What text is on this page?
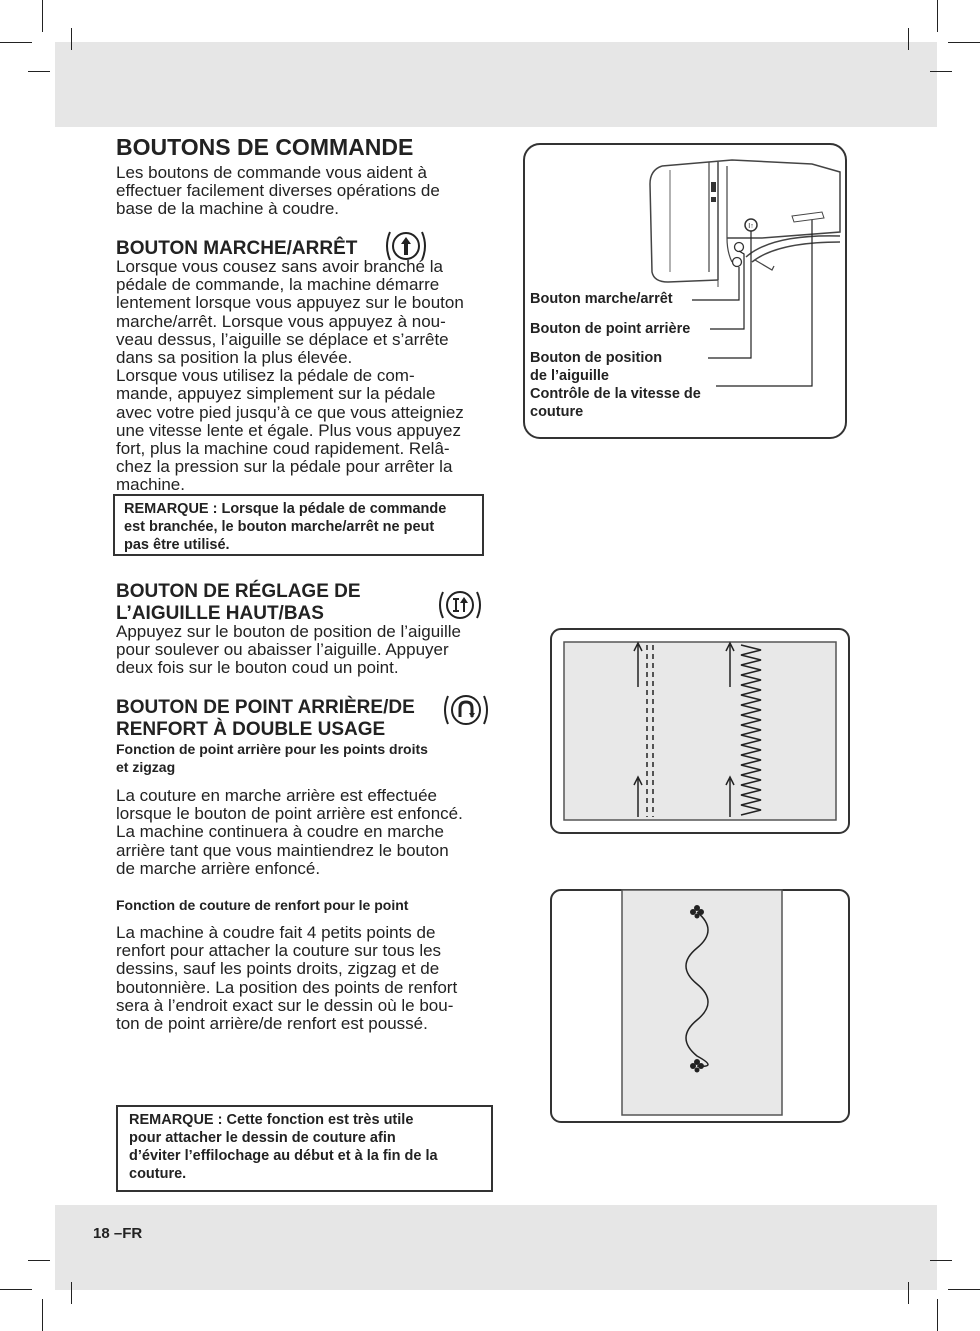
BOUTONS DE COMMANDE
Les boutons de commande vous aident à
effectuer facilement diverses opérations de
base de la machine à coudre.
BOUTON MARCHE/ARRÊT
Lorsque vous cousez sans avoir branché la
pédale de commande, la machine démarre
lentement lorsque vous appuyez sur le bouton
marche/arrêt. Lorsque vous appuyez à nou-
veau dessus, l’aiguille se déplace et s’arrête
dans sa position la plus élevée.
Lorsque vous utilisez la pédale de com-
mande, appuyez simplement sur la pédale
avec votre pied jusqu’à ce que vous atteigniez
une vitesse lente et égale. Plus vous appuyez
fort, plus la machine coud rapidement. Relâ-
chez la pression sur la pédale pour arrêter la
machine.
REMARQUE : Lorsque la pédale de commande
est branchée, le bouton marche/arrêt ne peut
pas être utilisé.
BOUTON DE RÉGLAGE DE
L’AIGUILLE HAUT/BAS
Appuyez sur le bouton de position de l’aiguille
pour soulever ou abaisser l’aiguille. Appuyer
deux fois sur le bouton coud un point.
BOUTON DE POINT ARRIÈRE/DE
RENFORT À DOUBLE USAGE
Fonction de point arrière pour les points droits
et zigzag
La couture en marche arrière est effectuée
lorsque le bouton de point arrière est enfoncé.
La machine continuera à coudre en marche
arrière tant que vous maintiendrez le bouton
de marche arrière enfoncé.
Fonction de couture de renfort pour le point
La machine à coudre fait 4 petits points de
renfort pour attacher la couture sur tous les
dessins, sauf les points droits, zigzag et de
boutonnière. La position des points de renfort
sera à l’endroit exact sur le dessin où le bou-
ton de point arrière/de renfort est poussé.
REMARQUE : Cette fonction est très utile
pour attacher le dessin de couture afin
d’éviter l’effilochage au début et à la fin de la
couture.
I↑
Bouton marche/arrêt
Bouton de point arrière
Bouton de position
de l’aiguille
Contrôle de la vitesse de
couture
18 –FR
